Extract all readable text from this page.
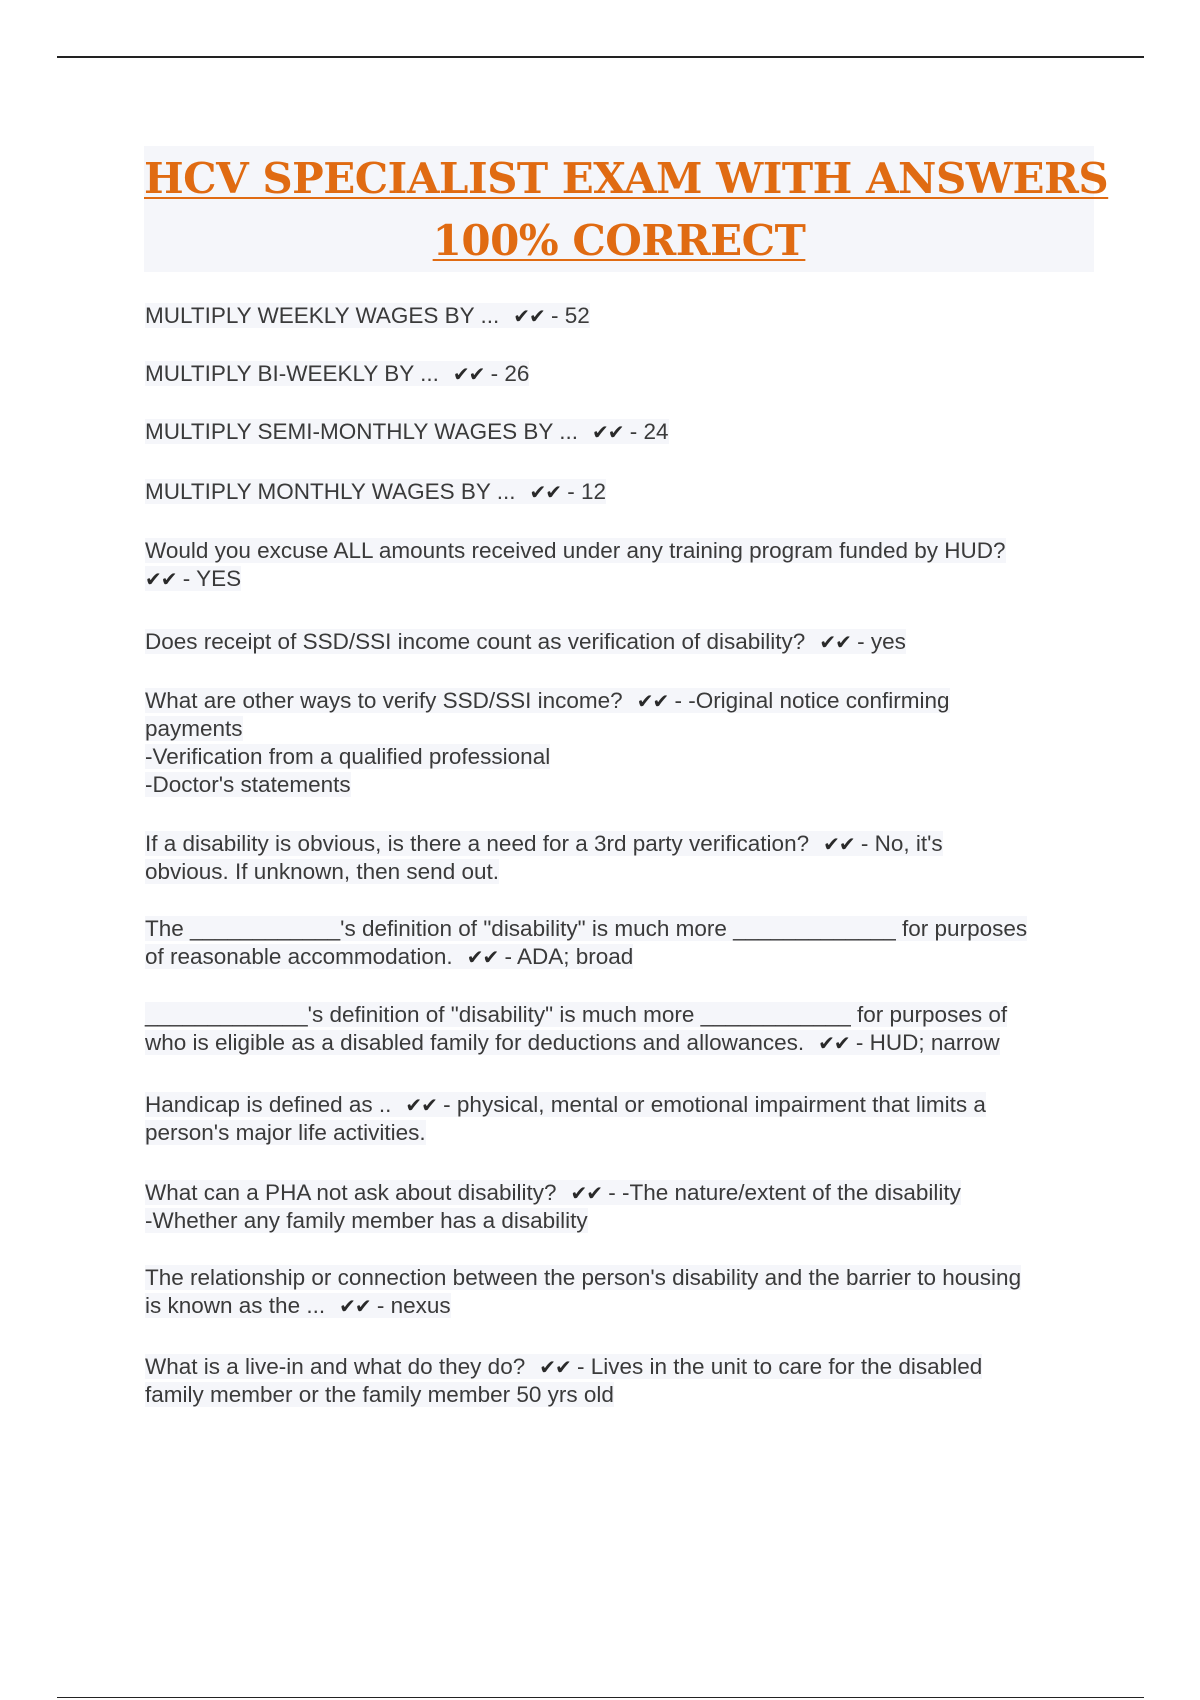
HCV SPECIALIST EXAM WITH ANSWERS
100% CORRECT
MULTIPLY WEEKLY WAGES BY ... ✔✔ - 52
MULTIPLY BI-WEEKLY BY ... ✔✔ - 26
MULTIPLY SEMI-MONTHLY WAGES BY ... ✔✔ - 24
MULTIPLY MONTHLY WAGES BY ... ✔✔ - 12
Would you excuse ALL amounts received under any training program funded by HUD?
✔✔ - YES
Does receipt of SSD/SSI income count as verification of disability? ✔✔ - yes
What are other ways to verify SSD/SSI income? ✔✔ - -Original notice confirming
payments
-Verification from a qualified professional
-Doctor's statements
If a disability is obvious, is there a need for a 3rd party verification? ✔✔ - No, it's
obvious. If unknown, then send out.
The ____________'s definition of "disability" is much more _____________ for purposes
of reasonable accommodation. ✔✔ - ADA; broad
_____________'s definition of "disability" is much more ____________ for purposes of
who is eligible as a disabled family for deductions and allowances. ✔✔ - HUD; narrow
Handicap is defined as .. ✔✔ - physical, mental or emotional impairment that limits a
person's major life activities.
What can a PHA not ask about disability? ✔✔ - -The nature/extent of the disability
-Whether any family member has a disability
The relationship or connection between the person's disability and the barrier to housing
is known as the ... ✔✔ - nexus
What is a live-in and what do they do? ✔✔ - Lives in the unit to care for the disabled
family member or the family member 50 yrs old
